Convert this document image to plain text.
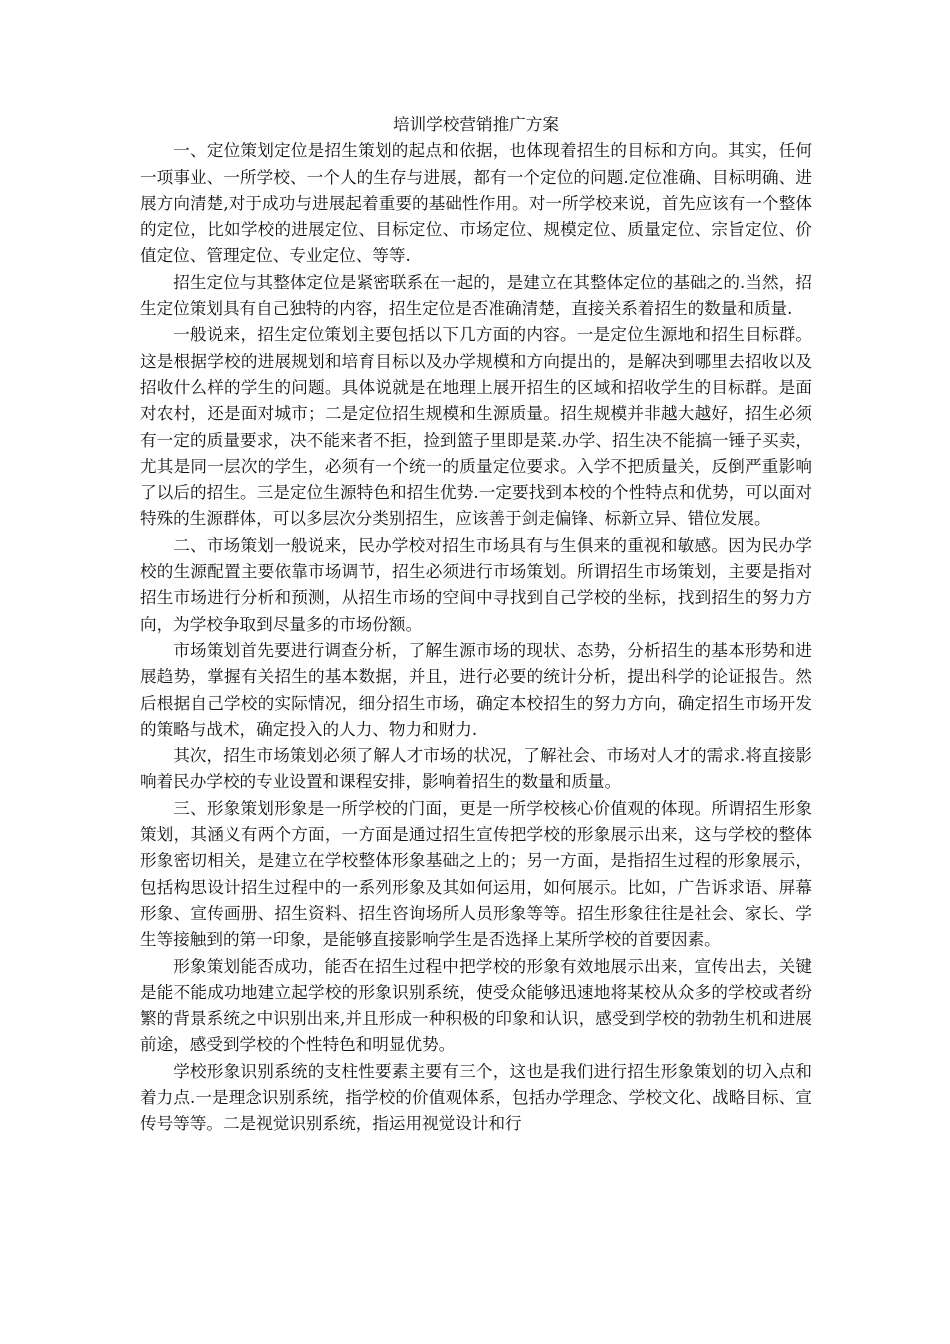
培训学校营销推广方案

一、定位策划定位是招生策划的起点和依据，也体现着招生的目标和方向。其实，任何一项事业、一所学校、一个人的生存与进展，都有一个定位的问题.定位准确、目标明确、进展方向清楚,对于成功与进展起着重要的基础性作用。对一所学校来说，首先应该有一个整体的定位，比如学校的进展定位、目标定位、市场定位、规模定位、质量定位、宗旨定位、价值定位、管理定位、专业定位、等等.

招生定位与其整体定位是紧密联系在一起的，是建立在其整体定位的基础之的.当然，招生定位策划具有自己独特的内容，招生定位是否准确清楚，直接关系着招生的数量和质量.

一般说来，招生定位策划主要包括以下几方面的内容。一是定位生源地和招生目标群。这是根据学校的进展规划和培育目标以及办学规模和方向提出的，是解决到哪里去招收以及招收什么样的学生的问题。具体说就是在地理上展开招生的区域和招收学生的目标群。是面对农村，还是面对城市；二是定位招生规模和生源质量。招生规模并非越大越好，招生必须有一定的质量要求，决不能来者不拒，捡到篮子里即是菜.办学、招生决不能搞一锤子买卖，尤其是同一层次的学生，必须有一个统一的质量定位要求。入学不把质量关，反倒严重影响了以后的招生。三是定位生源特色和招生优势.一定要找到本校的个性特点和优势，可以面对特殊的生源群体，可以多层次分类别招生，应该善于剑走偏锋、标新立异、错位发展。

二、市场策划一般说来，民办学校对招生市场具有与生俱来的重视和敏感。因为民办学校的生源配置主要依靠市场调节，招生必须进行市场策划。所谓招生市场策划，主要是指对招生市场进行分析和预测，从招生市场的空间中寻找到自己学校的坐标，找到招生的努力方向，为学校争取到尽量多的市场份额。

市场策划首先要进行调查分析，了解生源市场的现状、态势，分析招生的基本形势和进展趋势，掌握有关招生的基本数据，并且，进行必要的统计分析，提出科学的论证报告。然后根据自己学校的实际情况，细分招生市场，确定本校招生的努力方向，确定招生市场开发的策略与战术，确定投入的人力、物力和财力.

其次，招生市场策划必须了解人才市场的状况，了解社会、市场对人才的需求.将直接影响着民办学校的专业设置和课程安排，影响着招生的数量和质量。

三、形象策划形象是一所学校的门面，更是一所学校核心价值观的体现。所谓招生形象策划，其涵义有两个方面，一方面是通过招生宣传把学校的形象展示出来，这与学校的整体形象密切相关，是建立在学校整体形象基础之上的；另一方面，是指招生过程的形象展示，包括构思设计招生过程中的一系列形象及其如何运用，如何展示。比如，广告诉求语、屏幕形象、宣传画册、招生资料、招生咨询场所人员形象等等。招生形象往往是社会、家长、学生等接触到的第一印象，是能够直接影响学生是否选择上某所学校的首要因素。

形象策划能否成功，能否在招生过程中把学校的形象有效地展示出来，宣传出去，关键是能不能成功地建立起学校的形象识别系统，使受众能够迅速地将某校从众多的学校或者纷繁的背景系统之中识别出来,并且形成一种积极的印象和认识，感受到学校的勃勃生机和进展前途，感受到学校的个性特色和明显优势。

学校形象识别系统的支柱性要素主要有三个，这也是我们进行招生形象策划的切入点和着力点.一是理念识别系统，指学校的价值观体系，包括办学理念、学校文化、战略目标、宣传号等等。二是视觉识别系统，指运用视觉设计和行
